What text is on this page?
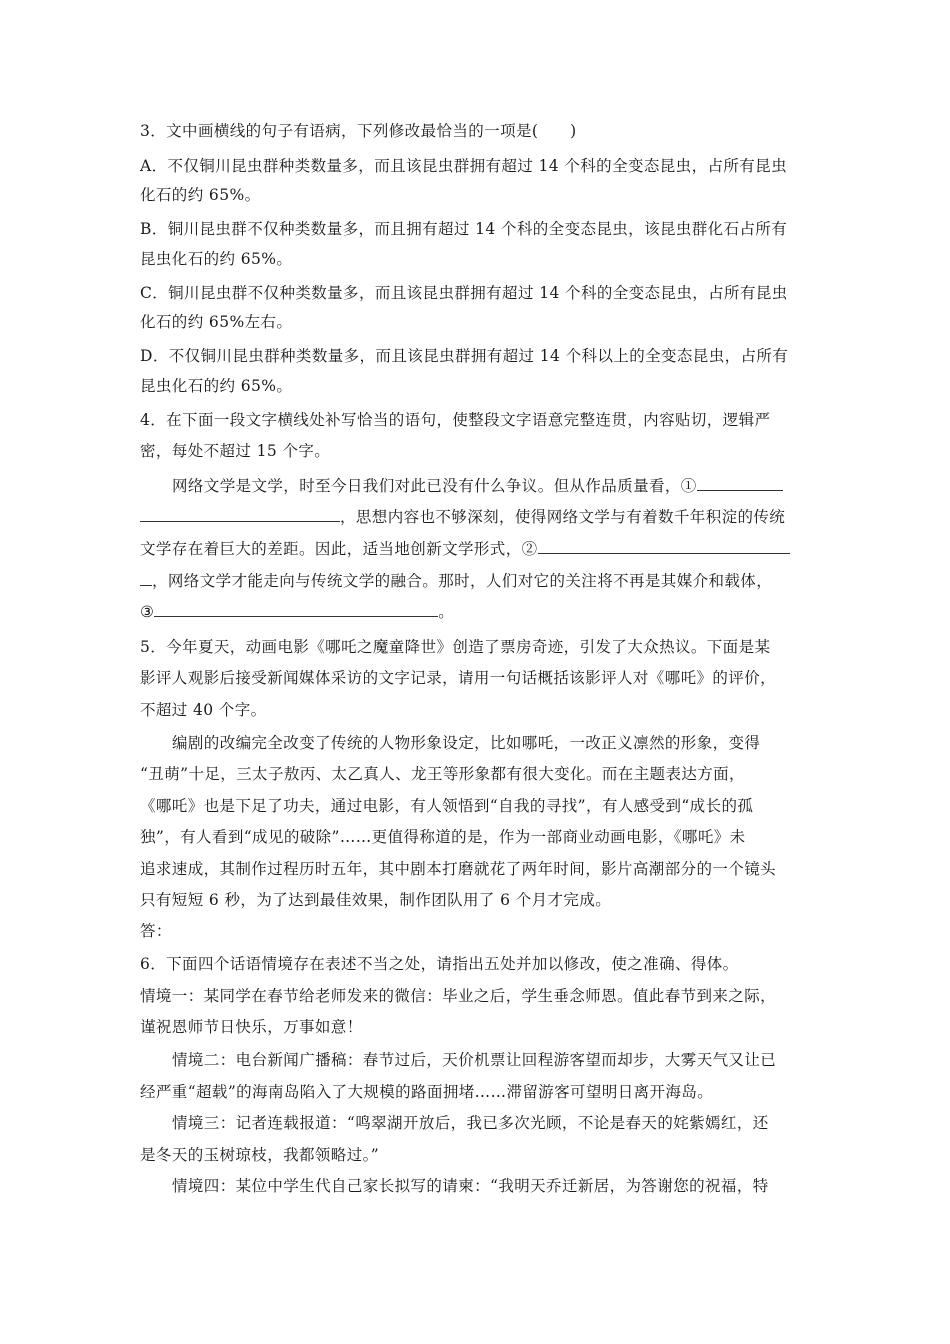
3．文中画横线的句子有语病，下列修改最恰当的一项是(　　)
A．不仅铜川昆虫群种类数量多，而且该昆虫群拥有超过 14 个科的全变态昆虫，占所有昆虫
化石的约 65%。
B．铜川昆虫群不仅种类数量多，而且拥有超过 14 个科的全变态昆虫，该昆虫群化石占所有
昆虫化石的约 65%。
C．铜川昆虫群不仅种类数量多，而且该昆虫群拥有超过 14 个科的全变态昆虫，占所有昆虫
化石的约 65%左右。
D．不仅铜川昆虫群种类数量多，而且该昆虫群拥有超过 14 个科以上的全变态昆虫，占所有
昆虫化石的约 65%。
4．在下面一段文字横线处补写恰当的语句，使整段文字语意完整连贯，内容贴切，逻辑严
密，每处不超过 15 个字。
网络文学是文学，时至今日我们对此已没有什么争议。但从作品质量看，①
，思想内容也不够深刻，使得网络文学与有着数千年积淀的传统
文学存在着巨大的差距。因此，适当地创新文学形式，②
，网络文学才能走向与传统文学的融合。那时，人们对它的关注将不再是其媒介和载体，
③	。
5．今年夏天，动画电影《哪吒之魔童降世》创造了票房奇迹，引发了大众热议。下面是某
影评人观影后接受新闻媒体采访的文字记录，请用一句话概括该影评人对《哪吒》的评价，
不超过 40 个字。
编剧的改编完全改变了传统的人物形象设定，比如哪吒，一改正义凛然的形象，变得
“丑萌”十足，三太子敖丙、太乙真人、龙王等形象都有很大变化。而在主题表达方面，
《哪吒》也是下足了功夫，通过电影，有人领悟到“自我的寻找”，有人感受到“成长的孤
独”，有人看到“成见的破除”……更值得称道的是，作为一部商业动画电影，《哪吒》未
追求速成，其制作过程历时五年，其中剧本打磨就花了两年时间，影片高潮部分的一个镜头
只有短短 6 秒，为了达到最佳效果，制作团队用了 6 个月才完成。
答：
6．下面四个话语情境存在表述不当之处，请指出五处并加以修改，使之准确、得体。
情境一：某同学在春节给老师发来的微信：毕业之后，学生垂念师恩。值此春节到来之际，
谨祝恩师节日快乐，万事如意！
情境二：电台新闻广播稿：春节过后，天价机票让回程游客望而却步，大雾天气又让已
经严重“超载”的海南岛陷入了大规模的路面拥堵……滞留游客可望明日离开海岛。
情境三：记者连载报道：“鸣翠湖开放后，我已多次光顾，不论是春天的姹紫嫣红，还
是冬天的玉树琼枝，我都领略过。”
情境四：某位中学生代自己家长拟写的请柬：“我明天乔迁新居，为答谢您的祝福，特
